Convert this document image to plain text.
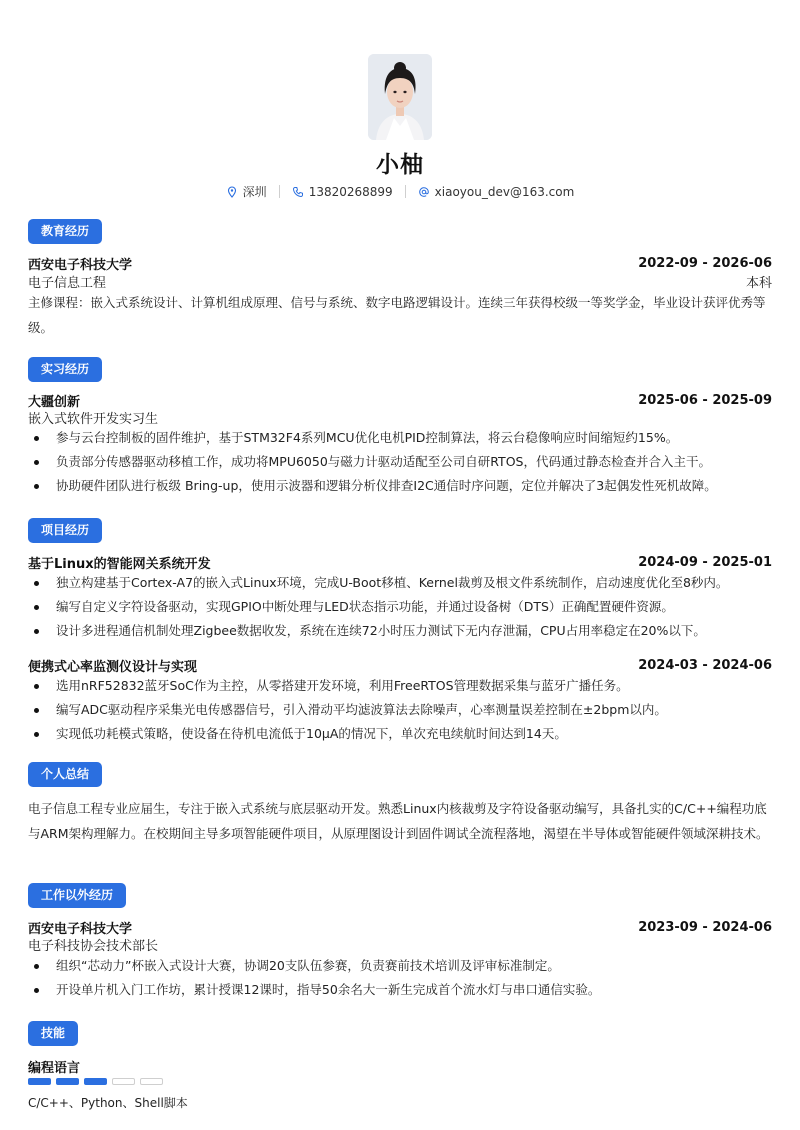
小柚
深圳	13820268899	xiaoyou_dev@163.com
教育经历
西安电子科技大学	2022-09 - 2026-06
电子信息工程	本科
主修课程：嵌入式系统设计、计算机组成原理、信号与系统、数字电路逻辑设计。连续三年获得校级一等奖学金，毕业设计获评优秀等级。
实习经历
大疆创新	2025-06 - 2025-09
嵌入式软件开发实习生
参与云台控制板的固件维护，基于STM32F4系列MCU优化电机PID控制算法，将云台稳像响应时间缩短约15%。
负责部分传感器驱动移植工作，成功将MPU6050与磁力计驱动适配至公司自研RTOS，代码通过静态检查并合入主干。
协助硬件团队进行板级 Bring-up，使用示波器和逻辑分析仪排查I2C通信时序问题，定位并解决了3起偶发性死机故障。
项目经历
基于Linux的智能网关系统开发	2024-09 - 2025-01
独立构建基于Cortex-A7的嵌入式Linux环境，完成U-Boot移植、Kernel裁剪及根文件系统制作，启动速度优化至8秒内。
编写自定义字符设备驱动，实现GPIO中断处理与LED状态指示功能，并通过设备树（DTS）正确配置硬件资源。
设计多进程通信机制处理Zigbee数据收发，系统在连续72小时压力测试下无内存泄漏，CPU占用率稳定在20%以下。
便携式心率监测仪设计与实现	2024-03 - 2024-06
选用nRF52832蓝牙SoC作为主控，从零搭建开发环境，利用FreeRTOS管理数据采集与蓝牙广播任务。
编写ADC驱动程序采集光电传感器信号，引入滑动平均滤波算法去除噪声，心率测量误差控制在±2bpm以内。
实现低功耗模式策略，使设备在待机电流低于10μA的情况下，单次充电续航时间达到14天。
个人总结
电子信息工程专业应届生，专注于嵌入式系统与底层驱动开发。熟悉Linux内核裁剪及字符设备驱动编写，具备扎实的C/C++编程功底与ARM架构理解力。在校期间主导多项智能硬件项目，从原理图设计到固件调试全流程落地，渴望在半导体或智能硬件领域深耕技术。
工作以外经历
西安电子科技大学	2023-09 - 2024-06
电子科技协会技术部长
组织“芯动力”杯嵌入式设计大赛，协调20支队伍参赛，负责赛前技术培训及评审标准制定。
开设单片机入门工作坊，累计授课12课时，指导50余名大一新生完成首个流水灯与串口通信实验。
技能
编程语言
C/C++、Python、Shell脚本
